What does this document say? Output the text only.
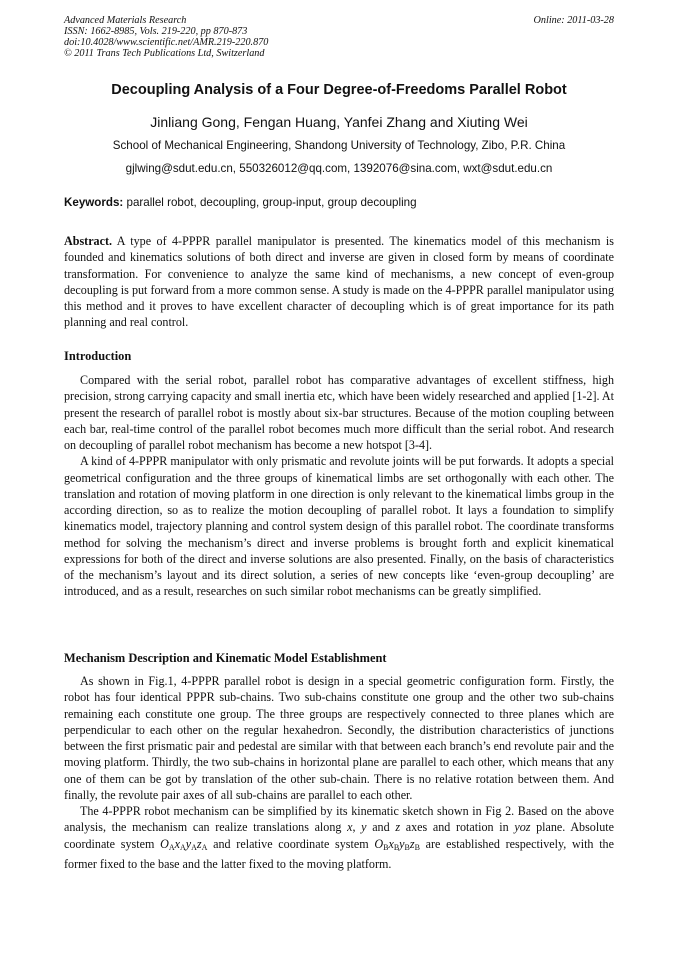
Advanced Materials Research
ISSN: 1662-8985, Vols. 219-220, pp 870-873
doi:10.4028/www.scientific.net/AMR.219-220.870
© 2011 Trans Tech Publications Ltd, Switzerland
Online: 2011-03-28
Decoupling Analysis of a Four Degree-of-Freedoms Parallel Robot
Jinliang Gong, Fengan Huang, Yanfei Zhang and Xiuting Wei
School of Mechanical Engineering, Shandong University of Technology, Zibo, P.R. China
gjlwing@sdut.edu.cn, 550326012@qq.com, 1392076@sina.com, wxt@sdut.edu.cn
Keywords: parallel robot, decoupling, group-input, group decoupling

Abstract. A type of 4-PPPR parallel manipulator is presented. The kinematics model of this mechanism is founded and kinematics solutions of both direct and inverse are given in closed form by means of coordinate transformation. For convenience to analyze the same kind of mechanisms, a new concept of even-group decoupling is put forward from a more common sense. A study is made on the 4-PPPR parallel manipulator using this method and it proves to have excellent character of decoupling which is of great importance for its path planning and real control.

Introduction

Compared with the serial robot, parallel robot has comparative advantages of excellent stiffness, high precision, strong carrying capacity and small inertia etc, which have been widely researched and applied [1-2]. At present the research of parallel robot is mostly about six-bar structures. Because of the motion coupling between each bar, real-time control of the parallel robot becomes much more difficult than the serial robot. And research on decoupling of parallel robot mechanism has become a new hotspot [3-4].

A kind of 4-PPPR manipulator with only prismatic and revolute joints will be put forwards. It adopts a special geometrical configuration and the three groups of kinematical limbs are set orthogonally with each other. The translation and rotation of moving platform in one direction is only relevant to the kinematical limbs group in the according direction, so as to realize the motion decoupling of parallel robot. It lays a foundation to simplify kinematics model, trajectory planning and control system design of this parallel robot. The coordinate transforms method for solving the mechanism’s direct and inverse problems is brought forth and explicit kinematical expressions for both of the direct and inverse solutions are also presented. Finally, on the basis of characteristics of the mechanism’s layout and its direct solution, a series of new concepts like ‘even-group decoupling’ are introduced, and as a result, researches on such similar robot mechanisms can be greatly simplified.

Mechanism Description and Kinematic Model Establishment

As shown in Fig.1, 4-PPPR parallel robot is design in a special geometric configuration form. Firstly, the robot has four identical PPPR sub-chains. Two sub-chains constitute one group and the other two sub-chains remaining each constitute one group. The three groups are respectively connected to three planes which are perpendicular to each other on the regular hexahedron. Secondly, the distribution characteristics of junctions between the first prismatic pair and pedestal are similar with that between each branch’s end revolute pair and the moving platform. Thirdly, the two sub-chains in horizontal plane are parallel to each other, which means that any one of them can be got by translation of the other sub-chain. There is no relative rotation between them. And finally, the revolute pair axes of all sub-chains are parallel to each other.

The 4-PPPR robot mechanism can be simplified by its kinematic sketch shown in Fig 2. Based on the above analysis, the mechanism can realize translations along x, y and z axes and rotation in yoz plane. Absolute coordinate system $O_Ax_Ay_Az_A$ and relative coordinate system $O_Bx_By_Bz_B$ are established respectively, with the former fixed to the base and the latter fixed to the moving platform.
